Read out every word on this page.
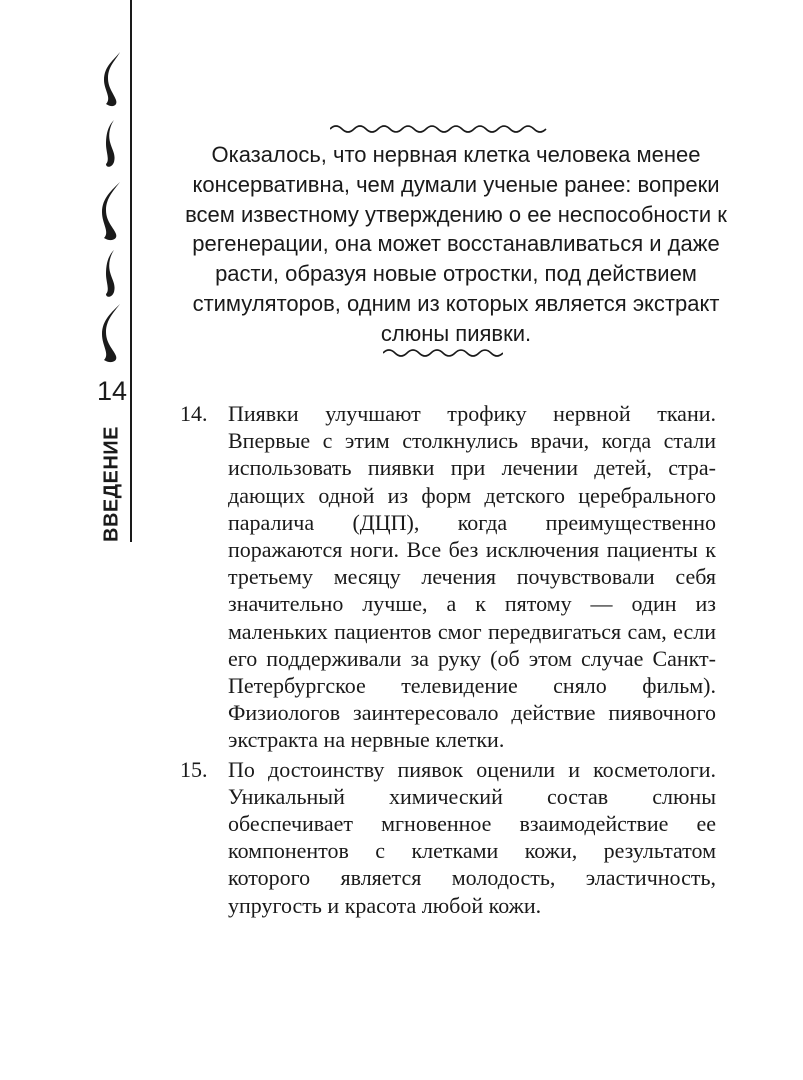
14
ВВЕДЕНИЕ
Оказалось, что нервная клетка человека менее консервативна, чем думали ученые ранее: вопреки всем известному утверждению о ее неспособности к регенерации, она может восстанавливаться и даже расти, образуя новые отростки, под действием стимуляторов, одним из которых является экстракт слюны пиявки.
14. Пиявки улучшают трофику нервной ткани. Впервые с этим столкнулись врачи, когда стали использовать пиявки при лечении детей, страдающих одной из форм детского церебрального паралича (ДЦП), когда преимущественно поражаются ноги. Все без исключения пациенты к третьему месяцу лечения почувствовали себя значительно лучше, а к пятому — один из маленьких пациентов смог передвигаться сам, если его поддерживали за руку (об этом случае Санкт-Петербургское телевидение сняло фильм). Физиологов заинтересовало действие пиявочного экстракта на нервные клетки.
15. По достоинству пиявок оценили и косметологи. Уникальный химический состав слюны обеспечивает мгновенное взаимодействие ее компонентов с клетками кожи, результатом которого является молодость, эластичность, упругость и красота любой кожи.
